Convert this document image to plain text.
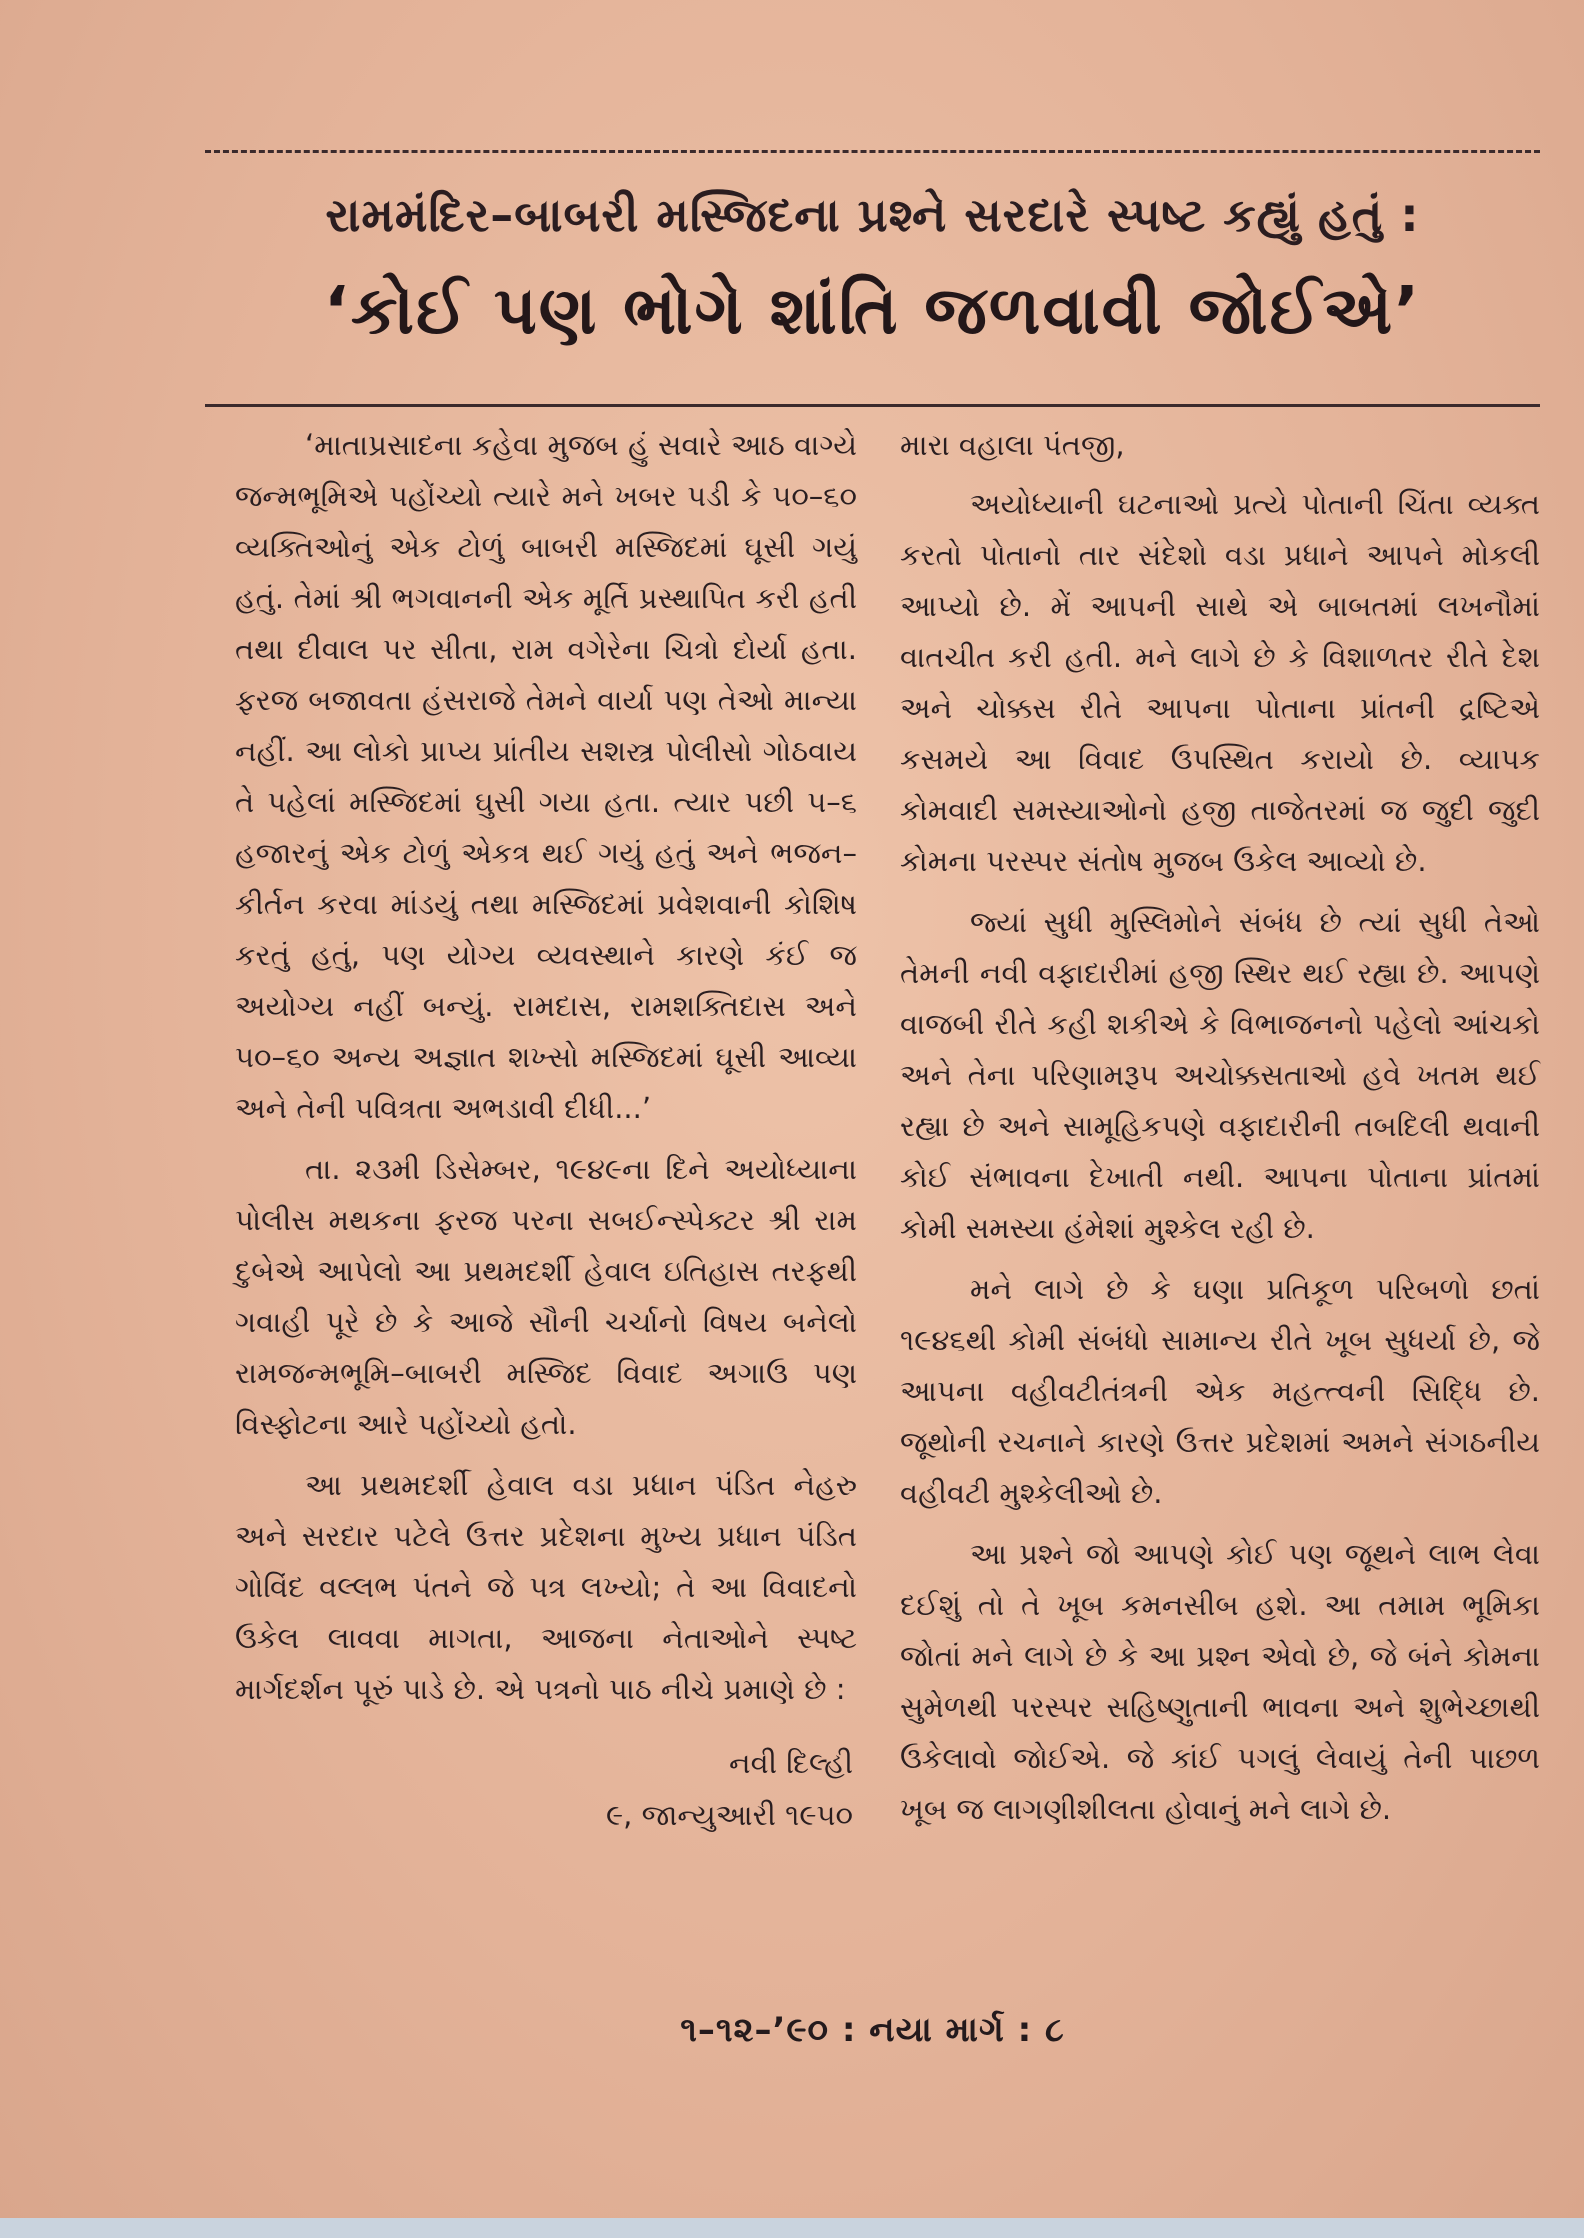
રામમંદિર–બાબરી મસ્જિદના પ્રશ્ને સરદારે સ્પષ્ટ કહ્યું હતું :
‘કોઈ પણ ભોગે શાંતિ જળવાવી જોઈએ’

‘માતાપ્રસાદના કહેવા મુજબ હું સવારે આઠ વાગ્યે જન્મભૂમિએ પહોંચ્યો ત્યારે મને ખબર પડી કે ૫૦–૬૦ વ્યક્તિઓનું એક ટોળું બાબરી મસ્જિદમાં ઘૂસી ગયું હતું. તેમાં શ્રી ભગવાનની એક મૂર્તિ પ્રસ્થાપિત કરી હતી તથા દીવાલ પર સીતા, રામ વગેરેના ચિત્રો દોર્યા હતા. ફરજ બજાવતા હંસરાજે તેમને વાર્યા પણ તેઓ માન્યા નહીં. આ લોકો પ્રાપ્ય પ્રાંતીય સશસ્ત્ર પોલીસો ગોઠવાય તે પહેલાં મસ્જિદમાં ઘુસી ગયા હતા. ત્યાર પછી ૫–૬ હજારનું એક ટોળું એકત્ર થઈ ગયું હતું અને ભજન–કીર્તન કરવા માંડયું તથા મસ્જિદમાં પ્રવેશવાની કોશિષ કરતું હતું, પણ યોગ્ય વ્યવસ્થાને કારણે કંઈ જ અયોગ્ય નહીં બન્યું. રામદાસ, રામશક્તિદાસ અને ૫૦–૬૦ અન્ય અજ્ઞાત શખ્સો મસ્જિદમાં ઘૂસી આવ્યા અને તેની પવિત્રતા અભડાવી દીધી...’

તા. ૨૩મી ડિસેમ્બર, ૧૯૪૯ના દિને અયોધ્યાના પોલીસ મથકના ફરજ પરના સબઈન્સ્પેક્ટર શ્રી રામ દુબેએ આપેલો આ પ્રથમદર્શી હેવાલ ઇતિહાસ તરફથી ગવાહી પૂરે છે કે આજે સૌની ચર્ચાનો વિષય બનેલો રામજન્મભૂમિ–બાબરી મસ્જિદ વિવાદ અગાઉ પણ વિસ્ફોટના આરે પહોંચ્યો હતો.

આ પ્રથમદર્શી હેવાલ વડા પ્રધાન પંડિત નેહરુ અને સરદાર પટેલે ઉત્તર પ્રદેશના મુખ્ય પ્રધાન પંડિત ગોવિંદ વલ્લભ પંતને જે પત્ર લખ્યો; તે આ વિવાદનો ઉકેલ લાવવા માગતા, આજના નેતાઓને સ્પષ્ટ માર્ગદર્શન પૂરું પાડે છે. એ પત્રનો પાઠ નીચે પ્રમાણે છે :

નવી દિલ્હી
૯, જાન્યુઆરી ૧૯૫૦

મારા વહાલા પંતજી,

અયોધ્યાની ઘટનાઓ પ્રત્યે પોતાની ચિંતા વ્યક્ત કરતો પોતાનો તાર સંદેશો વડા પ્રધાને આપને મોકલી આપ્યો છે. મેં આપની સાથે એ બાબતમાં લખનૌમાં વાતચીત કરી હતી. મને લાગે છે કે વિશાળતર રીતે દેશ અને ચોક્કસ રીતે આપના પોતાના પ્રાંતની દ્રષ્ટિએ કસમયે આ વિવાદ ઉપસ્થિત કરાયો છે. વ્યાપક કોમવાદી સમસ્યાઓનો હજી તાજેતરમાં જ જુદી જુદી કોમના પરસ્પર સંતોષ મુજબ ઉકેલ આવ્યો છે.

જ્યાં સુધી મુસ્લિમોને સંબંધ છે ત્યાં સુધી તેઓ તેમની નવી વફાદારીમાં હજી સ્થિર થઈ રહ્યા છે. આપણે વાજબી રીતે કહી શકીએ કે વિભાજનનો પહેલો આંચકો અને તેના પરિણામરૂપ અચોક્કસતાઓ હવે ખતમ થઈ રહ્યા છે અને સામૂહિકપણે વફાદારીની તબદિલી થવાની કોઈ સંભાવના દેખાતી નથી. આપના પોતાના પ્રાંતમાં કોમી સમસ્યા હંમેશાં મુશ્કેલ રહી છે.

મને લાગે છે કે ઘણા પ્રતિકૂળ પરિબળો છતાં ૧૯૪૬થી કોમી સંબંધો સામાન્ય રીતે ખૂબ સુધર્યા છે, જે આપના વહીવટીતંત્રની એક મહત્ત્વની સિદ્ધિ છે. જૂથોની રચનાને કારણે ઉત્તર પ્રદેશમાં અમને સંગઠનીય વહીવટી મુશ્કેલીઓ છે.

આ પ્રશ્ને જો આપણે કોઈ પણ જૂથને લાભ લેવા દઈશું તો તે ખૂબ કમનસીબ હશે. આ તમામ ભૂમિકા જોતાં મને લાગે છે કે આ પ્રશ્ન એવો છે, જે બંને કોમના સુમેળથી પરસ્પર સહિષ્ણુતાની ભાવના અને શુભેચ્છાથી ઉકેલાવો જોઈએ. જે કાંઈ પગલું લેવાયું તેની પાછળ ખૂબ જ લાગણીશીલતા હોવાનું મને લાગે છે.

૧–૧૨–’૯૦ : નયા માર્ગ : ૮
